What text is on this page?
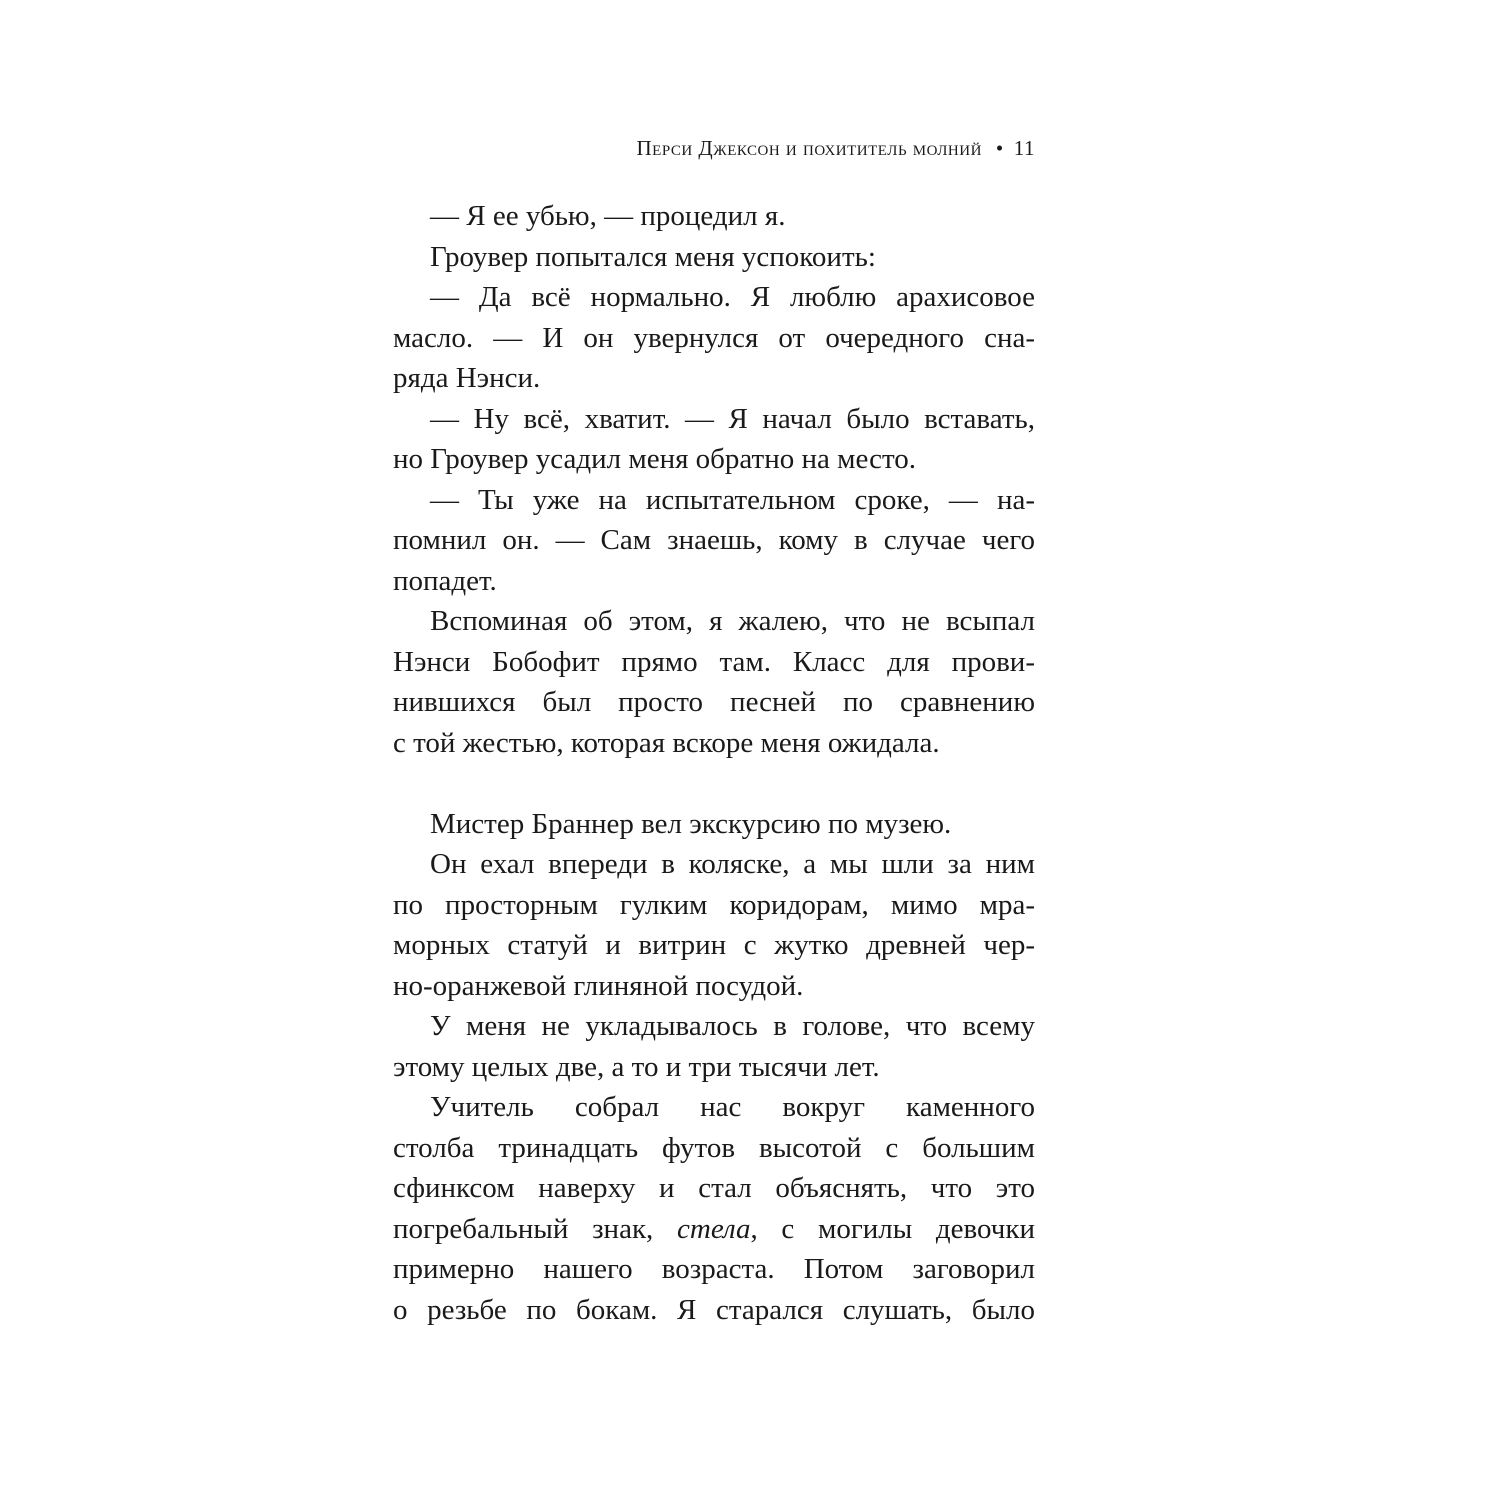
Перси Джексон и похититель молний • 11
— Я ее убью, — процедил я.
Гроувер попытался меня успокоить:
— Да всё нормально. Я люблю арахисовое
масло. — И он увернулся от очередного сна-
ряда Нэнси.
— Ну всё, хватит. — Я начал было вставать,
но Гроувер усадил меня обратно на место.
— Ты уже на испытательном сроке, — на-
помнил он. — Сам знаешь, кому в случае чего
попадет.
Вспоминая об этом, я жалею, что не всыпал
Нэнси Бобофит прямо там. Класс для прови-
нившихся был просто песней по сравнению
с той жестью, которая вскоре меня ожидала.
Мистер Браннер вел экскурсию по музею.
Он ехал впереди в коляске, а мы шли за ним
по просторным гулким коридорам, мимо мра-
морных статуй и витрин с жутко древней чер-
но-оранжевой глиняной посудой.
У меня не укладывалось в голове, что всему
этому целых две, а то и три тысячи лет.
Учитель собрал нас вокруг каменного
столба тринадцать футов высотой с большим
сфинксом наверху и стал объяснять, что это
погребальный знак, стела, с могилы девочки
примерно нашего возраста. Потом заговорил
о резьбе по бокам. Я старался слушать, было
